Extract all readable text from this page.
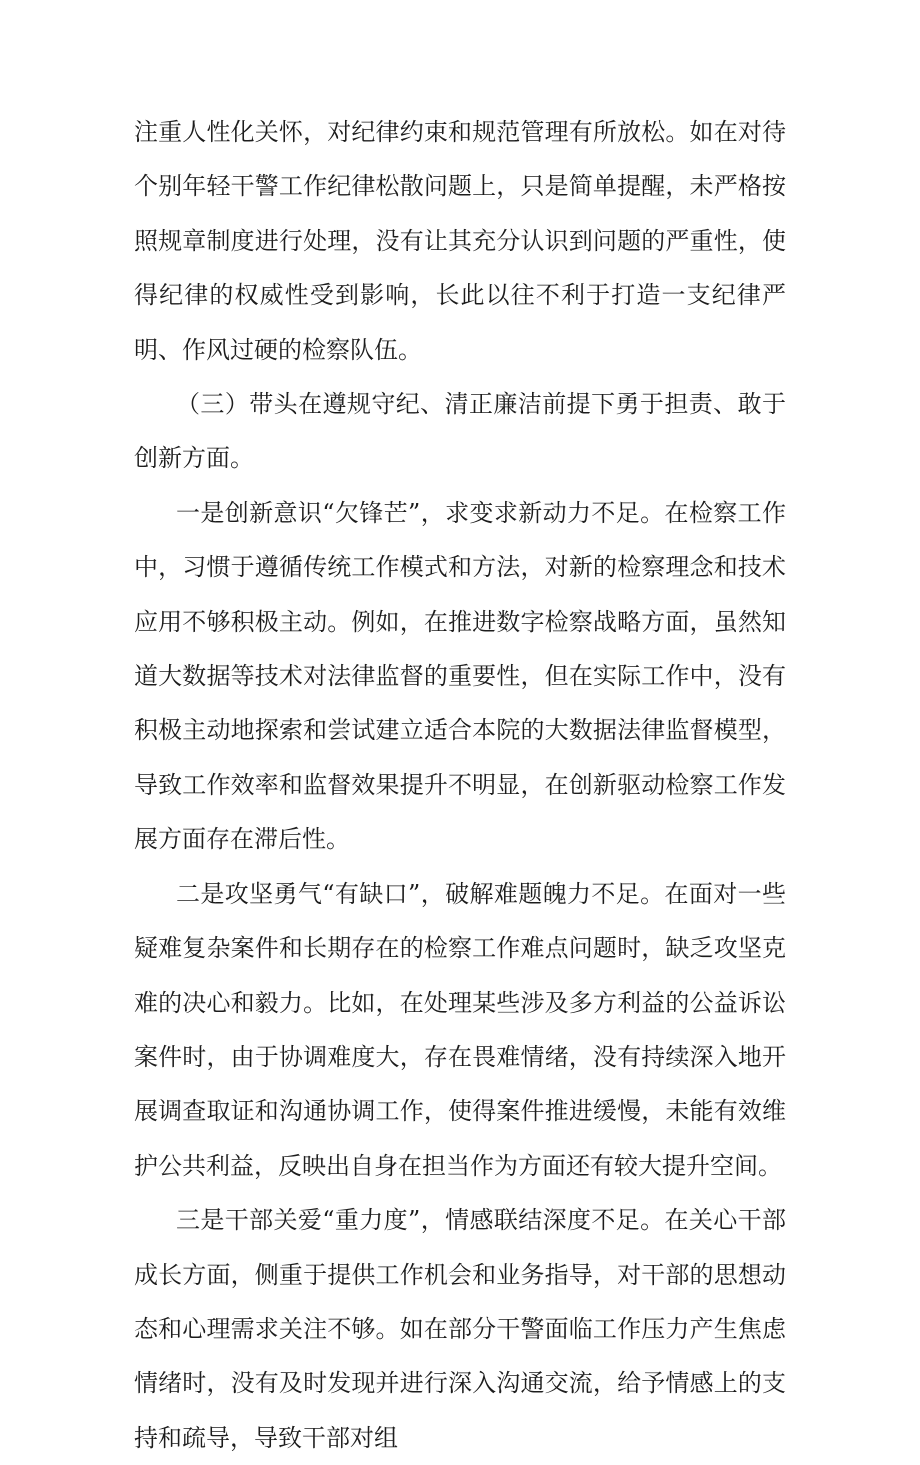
注重人性化关怀，对纪律约束和规范管理有所放松。如在对待个别年轻干警工作纪律松散问题上，只是简单提醒，未严格按照规章制度进行处理，没有让其充分认识到问题的严重性，使得纪律的权威性受到影响，长此以往不利于打造一支纪律严明、作风过硬的检察队伍。

（三）带头在遵规守纪、清正廉洁前提下勇于担责、敢于创新方面。

一是创新意识“欠锋芒”，求变求新动力不足。在检察工作中，习惯于遵循传统工作模式和方法，对新的检察理念和技术应用不够积极主动。例如，在推进数字检察战略方面，虽然知道大数据等技术对法律监督的重要性，但在实际工作中，没有积极主动地探索和尝试建立适合本院的大数据法律监督模型，导致工作效率和监督效果提升不明显，在创新驱动检察工作发展方面存在滞后性。

二是攻坚勇气“有缺口”，破解难题魄力不足。在面对一些疑难复杂案件和长期存在的检察工作难点问题时，缺乏攻坚克难的决心和毅力。比如，在处理某些涉及多方利益的公益诉讼案件时，由于协调难度大，存在畏难情绪，没有持续深入地开展调查取证和沟通协调工作，使得案件推进缓慢，未能有效维护公共利益，反映出自身在担当作为方面还有较大提升空间。

三是干部关爱“重力度”，情感联结深度不足。在关心干部成长方面，侧重于提供工作机会和业务指导，对干部的思想动态和心理需求关注不够。如在部分干警面临工作压力产生焦虑情绪时，没有及时发现并进行深入沟通交流，给予情感上的支持和疏导，导致干部对组
